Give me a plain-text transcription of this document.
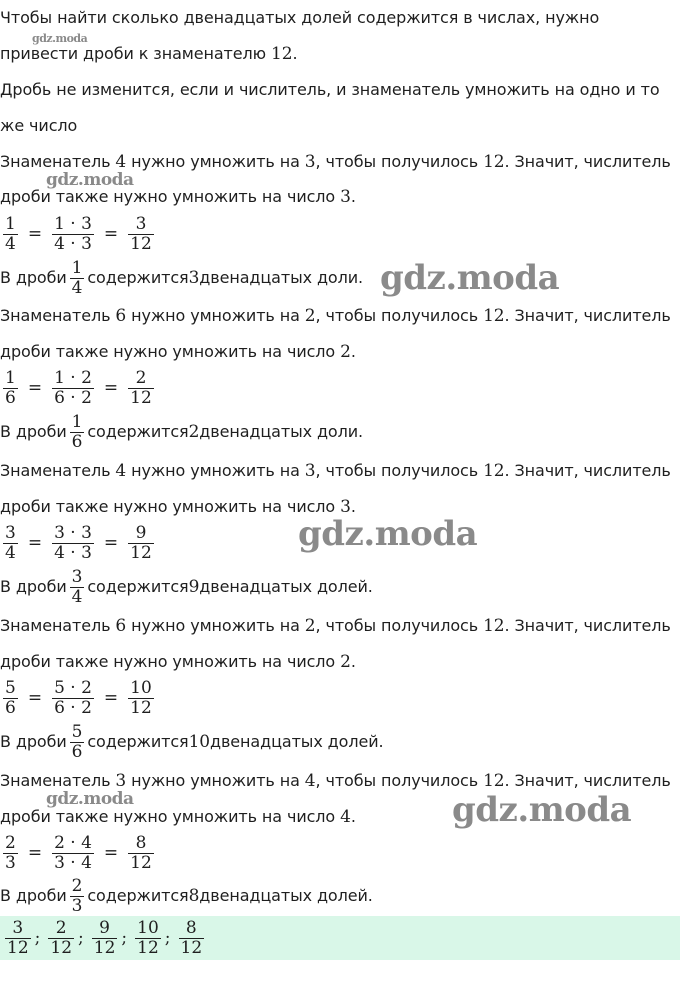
Чтобы найти сколько двенадцатых долей содержится в числах, нужно
привести дроби к знаменателю 12.
Дробь не изменится, если и числитель, и знаменатель умножить на одно и то
же число
Знаменатель 4 нужно умножить на 3, чтобы получилось 12. Значит, числитель
дроби также нужно умножить на число 3.
$\frac{1}{4} = \frac{1 \cdot 3}{4 \cdot 3} = \frac{3}{12}$
В дроби $\frac{1}{4}$ содержится 3 двенадцатых доли.
Знаменатель 6 нужно умножить на 2, чтобы получилось 12. Значит, числитель
дроби также нужно умножить на число 2.
$\frac{1}{6} = \frac{1 \cdot 2}{6 \cdot 2} = \frac{2}{12}$
В дроби $\frac{1}{6}$ содержится 2 двенадцатых доли.
Знаменатель 4 нужно умножить на 3, чтобы получилось 12. Значит, числитель
дроби также нужно умножить на число 3.
$\frac{3}{4} = \frac{3 \cdot 3}{4 \cdot 3} = \frac{9}{12}$
В дроби $\frac{3}{4}$ содержится 9 двенадцатых долей.
Знаменатель 6 нужно умножить на 2, чтобы получилось 12. Значит, числитель
дроби также нужно умножить на число 2.
$\frac{5}{6} = \frac{5 \cdot 2}{6 \cdot 2} = \frac{10}{12}$
В дроби $\frac{5}{6}$ содержится 10 двенадцатых долей.
Знаменатель 3 нужно умножить на 4, чтобы получилось 12. Значит, числитель
дроби также нужно умножить на число 4.
$\frac{2}{3} = \frac{2 \cdot 4}{3 \cdot 4} = \frac{8}{12}$
В дроби $\frac{2}{3}$ содержится 8 двенадцатых долей.
$\frac{3}{12}$ ; $\frac{2}{12}$ ; $\frac{9}{12}$ ; $\frac{10}{12}$ ; $\frac{8}{12}$
gdz.moda
gdz.moda
gdz.moda
gdz.moda
gdz.moda	gdz.moda
